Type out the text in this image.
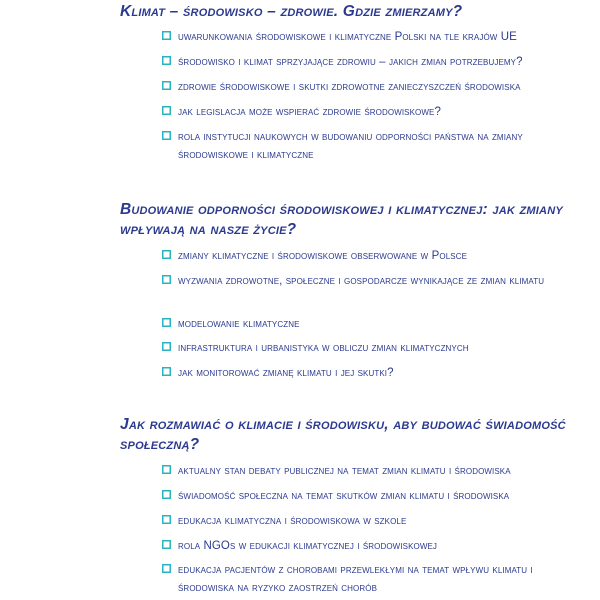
Klimat – środowisko – zdrowie. Gdzie zmierzamy?
uwarunkowania środowiskowe i klimatyczne Polski na tle krajów UE
środowisko i klimat sprzyjające zdrowiu – jakich zmian potrzebujemy?
zdrowie środowiskowe i skutki zdrowotne zanieczyszczeń środowiska
jak legislacja może wspierać zdrowie środowiskowe?
rola instytucji naukowych w budowaniu odporności państwa na zmiany środowiskowe i klimatyczne
Budowanie odporności środowiskowej i klimatycznej: jak zmiany wpływają na nasze życie?
zmiany klimatyczne i środowiskowe obserwowane w Polsce
wyzwania zdrowotne, społeczne i gospodarcze wynikające ze zmian klimatu
modelowanie klimatyczne
infrastruktura i urbanistyka w obliczu zmian klimatycznych
jak monitorować zmianę klimatu i jej skutki?
Jak rozmawiać o klimacie i środowisku, aby budować świadomość społeczną?
aktualny stan debaty publicznej na temat zmian klimatu i środowiska
świadomość społeczna na temat skutków zmian klimatu i środowiska
edukacja klimatyczna i środowiskowa w szkole
rola NGOs w edukacji klimatycznej i środowiskowej
edukacja pacjentów z chorobami przewlekłymi na temat wpływu klimatu i środowiska na ryzyko zaostrzeń chorób
